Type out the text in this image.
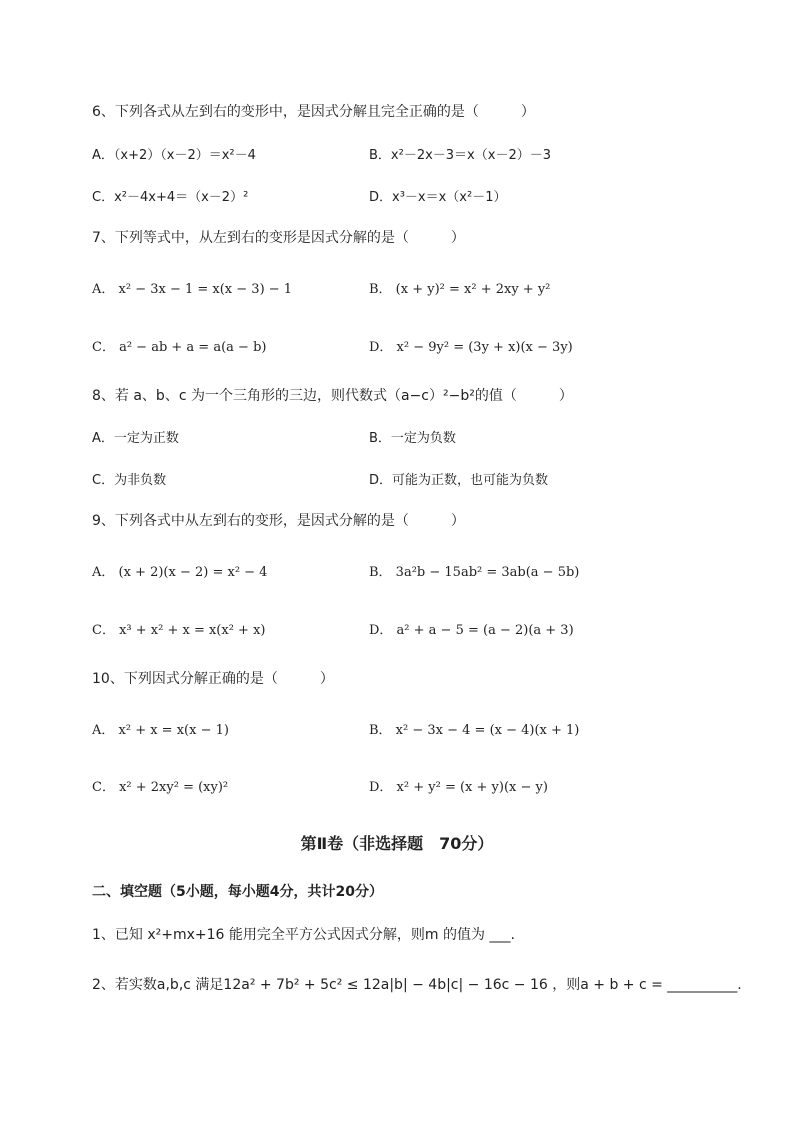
6、下列各式从左到右的变形中，是因式分解且完全正确的是（　　　）
A．（x+2）（x－2）＝x²－4	B．x²－2x－3＝x（x－2）－3
C．x²－4x+4＝（x－2）²	D．x³－x＝x（x²－1）
7、下列等式中，从左到右的变形是因式分解的是（　　　）
A． x² − 3x − 1 = x(x − 3) − 1	B． (x + y)² = x² + 2xy + y²
C． a² − ab + a = a(a − b)	D． x² − 9y² = (3y + x)(x − 3y)
8、若 a、b、c 为一个三角形的三边，则代数式（a−c）²−b²的值（　　　）
A．一定为正数	B．一定为负数
C．为非负数	D．可能为正数，也可能为负数
9、下列各式中从左到右的变形，是因式分解的是（　　　）
A． (x + 2)(x − 2) = x² − 4	B． 3a²b − 15ab² = 3ab(a − 5b)
C． x³ + x² + x = x(x² + x)	D． a² + a − 5 = (a − 2)(a + 3)
10、下列因式分解正确的是（　　　）
A． x² + x = x(x − 1)	B． x² − 3x − 4 = (x − 4)(x + 1)
C． x² + 2xy² = (xy)²	D． x² + y² = (x + y)(x − y)
第Ⅱ卷（非选择题　70分）
二、填空题（5小题，每小题4分，共计20分）
1、已知 x²+mx+16 能用完全平方公式因式分解，则m 的值为 ___.
2、若实数a,b,c 满足12a² + 7b² + 5c² ≤ 12a|b| − 4b|c| − 16c − 16 ，则a + b + c = __________.
